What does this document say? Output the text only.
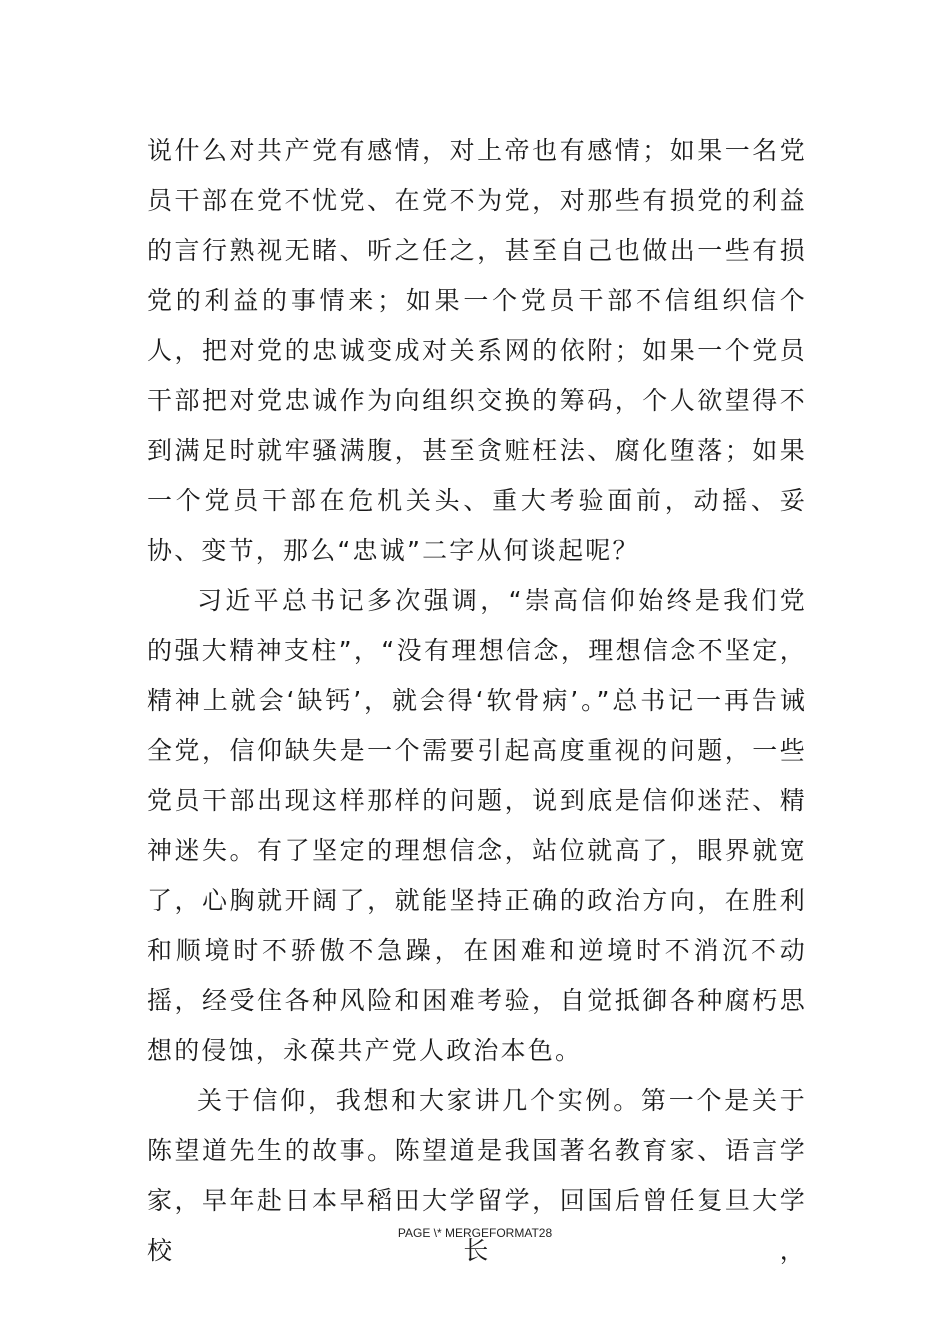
说什么对共产党有感情，对上帝也有感情；如果一名党员干部在党不忧党、在党不为党，对那些有损党的利益的言行熟视无睹、听之任之，甚至自己也做出一些有损党的利益的事情来；如果一个党员干部不信组织信个人，把对党的忠诚变成对关系网的依附；如果一个党员干部把对党忠诚作为向组织交换的筹码，个人欲望得不到满足时就牢骚满腹，甚至贪赃枉法、腐化堕落；如果一个党员干部在危机关头、重大考验面前，动摇、妥协、变节，那么“忠诚”二字从何谈起呢？

习近平总书记多次强调，“崇高信仰始终是我们党的强大精神支柱”，“没有理想信念，理想信念不坚定，精神上就会‘缺钙’，就会得‘软骨病’。”总书记一再告诫全党，信仰缺失是一个需要引起高度重视的问题，一些党员干部出现这样那样的问题，说到底是信仰迷茫、精神迷失。有了坚定的理想信念，站位就高了，眼界就宽了，心胸就开阔了，就能坚持正确的政治方向，在胜利和顺境时不骄傲不急躁，在困难和逆境时不消沉不动摇，经受住各种风险和困难考验，自觉抵御各种腐朽思想的侵蚀，永葆共产党人政治本色。

关于信仰，我想和大家讲几个实例。第一个是关于陈望道先生的故事。陈望道是我国著名教育家、语言学家，早年赴日本早稻田大学留学，回国后曾任复旦大学校长，

PAGE \* MERGEFORMAT28
